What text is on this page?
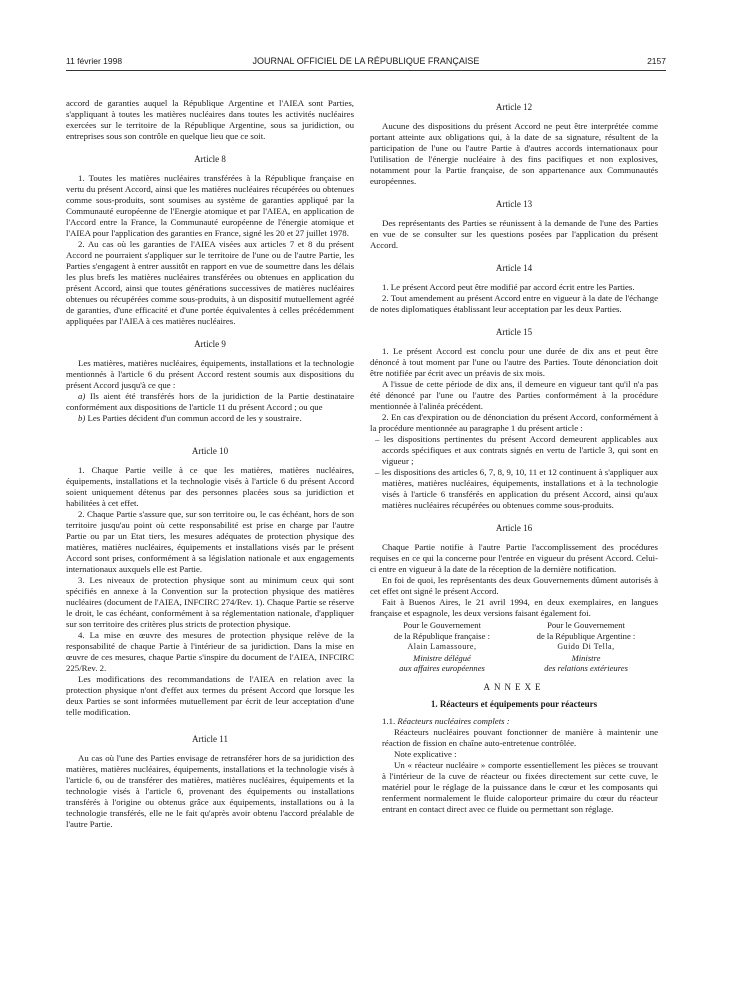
11 février 1998	JOURNAL OFFICIEL DE LA RÉPUBLIQUE FRANÇAISE	2157

accord de garanties auquel la République Argentine et l'AIEA sont Parties, s'appliquant à toutes les matières nucléaires dans toutes les activités nucléaires exercées sur le territoire de la République Argentine, sous sa juridiction, ou entreprises sous son contrôle en quelque lieu que ce soit.

Article 8

1. Toutes les matières nucléaires transférées à la République française en vertu du présent Accord, ainsi que les matières nucléaires récupérées ou obtenues comme sous-produits, sont soumises au système de garanties appliqué par la Communauté européenne de l'Energie atomique et par l'AIEA, en application de l'Accord entre la France, la Communauté européenne de l'énergie atomique et l'AIEA pour l'application des garanties en France, signé les 20 et 27 juillet 1978.

2. Au cas où les garanties de l'AIEA visées aux articles 7 et 8 du présent Accord ne pourraient s'appliquer sur le territoire de l'une ou de l'autre Partie, les Parties s'engagent à entrer aussitôt en rapport en vue de soumettre dans les délais les plus brefs les matières nucléaires transférées ou obtenues en application du présent Accord, ainsi que toutes générations successives de matières nucléaires obtenues ou récupérées comme sous-produits, à un dispositif mutuellement agréé de garanties, d'une efficacité et d'une portée équivalentes à celles précédemment appliquées par l'AIEA à ces matières nucléaires.

Article 9

Les matières, matières nucléaires, équipements, installations et la technologie mentionnés à l'article 6 du présent Accord restent soumis aux dispositions du présent Accord jusqu'à ce que :

a) Ils aient été transférés hors de la juridiction de la Partie destinataire conformément aux dispositions de l'article 11 du présent Accord ; ou que

b) Les Parties décident d'un commun accord de les y soustraire.

Article 10

1. Chaque Partie veille à ce que les matières, matières nucléaires, équipements, installations et la technologie visés à l'article 6 du présent Accord soient uniquement détenus par des personnes placées sous sa juridiction et habilitées à cet effet.

2. Chaque Partie s'assure que, sur son territoire ou, le cas échéant, hors de son territoire jusqu'au point où cette responsabilité est prise en charge par l'autre Partie ou par un Etat tiers, les mesures adéquates de protection physique des matières, matières nucléaires, équipements et installations visés par le présent Accord sont prises, conformément à sa législation nationale et aux engagements internationaux auxquels elle est Partie.

3. Les niveaux de protection physique sont au minimum ceux qui sont spécifiés en annexe à la Convention sur la protection physique des matières nucléaires (document de l'AIEA, INFCIRC 274/Rev. 1). Chaque Partie se réserve le droit, le cas échéant, conformément à sa réglementation nationale, d'appliquer sur son territoire des critères plus stricts de protection physique.

4. La mise en œuvre des mesures de protection physique relève de la responsabilité de chaque Partie à l'intérieur de sa juridiction. Dans la mise en œuvre de ces mesures, chaque Partie s'inspire du document de l'AIEA, INFCIRC 225/Rev. 2.

Les modifications des recommandations de l'AIEA en relation avec la protection physique n'ont d'effet aux termes du présent Accord que lorsque les deux Parties se sont informées mutuellement par écrit de leur acceptation d'une telle modification.

Article 11

Au cas où l'une des Parties envisage de retransférer hors de sa juridiction des matières, matières nucléaires, équipements, installations et la technologie visés à l'article 6, ou de transférer des matières, matières nucléaires, équipements et la technologie visés à l'article 6, provenant des équipements ou installations transférés à l'origine ou obtenus grâce aux équipements, installations ou à la technologie transférés, elle ne le fait qu'après avoir obtenu l'accord préalable de l'autre Partie.

Article 12

Aucune des dispositions du présent Accord ne peut être interprétée comme portant atteinte aux obligations qui, à la date de sa signature, résultent de la participation de l'une ou l'autre Partie à d'autres accords internationaux pour l'utilisation de l'énergie nucléaire à des fins pacifiques et non explosives, notamment pour la Partie française, de son appartenance aux Communautés européennes.

Article 13

Des représentants des Parties se réunissent à la demande de l'une des Parties en vue de se consulter sur les questions posées par l'application du présent Accord.

Article 14

1. Le présent Accord peut être modifié par accord écrit entre les Parties.

2. Tout amendement au présent Accord entre en vigueur à la date de l'échange de notes diplomatiques établissant leur acceptation par les deux Parties.

Article 15

1. Le présent Accord est conclu pour une durée de dix ans et peut être dénoncé à tout moment par l'une ou l'autre des Parties. Toute dénonciation doit être notifiée par écrit avec un préavis de six mois.

A l'issue de cette période de dix ans, il demeure en vigueur tant qu'il n'a pas été dénoncé par l'une ou l'autre des Parties conformément à la procédure mentionnée à l'alinéa précédent.

2. En cas d'expiration ou de dénonciation du présent Accord, conformément à la procédure mentionnée au paragraphe 1 du présent article :

– les dispositions pertinentes du présent Accord demeurent applicables aux accords spécifiques et aux contrats signés en vertu de l'article 3, qui sont en vigueur ;

– les dispositions des articles 6, 7, 8, 9, 10, 11 et 12 continuent à s'appliquer aux matières, matières nucléaires, équipements, installations et à la technologie visés à l'article 6 transférés en application du présent Accord, ainsi qu'aux matières nucléaires récupérées ou obtenues comme sous-produits.

Article 16

Chaque Partie notifie à l'autre Partie l'accomplissement des procédures requises en ce qui la concerne pour l'entrée en vigueur du présent Accord. Celui-ci entre en vigueur à la date de la réception de la dernière notification.

En foi de quoi, les représentants des deux Gouvernements dûment autorisés à cet effet ont signé le présent Accord.

Fait à Buenos Aires, le 21 avril 1994, en deux exemplaires, en langues française et espagnole, les deux versions faisant également foi.

Pour le Gouvernement
de la République française :
Alain Lamassoure,
Ministre délégué
aux affaires européennes
Pour le Gouvernement
de la République Argentine :
Guido Di Tella,
Ministre
des relations extérieures
ANNEXE
1. Réacteurs et équipements pour réacteurs

1.1. Réacteurs nucléaires complets :

Réacteurs nucléaires pouvant fonctionner de manière à maintenir une réaction de fission en chaîne auto-entretenue contrôlée.

Note explicative :

Un « réacteur nucléaire » comporte essentiellement les pièces se trouvant à l'intérieur de la cuve de réacteur ou fixées directement sur cette cuve, le matériel pour le réglage de la puissance dans le cœur et les composants qui renferment normalement le fluide caloporteur primaire du cœur du réacteur entrant en contact direct avec ce fluide ou permettant son réglage.
